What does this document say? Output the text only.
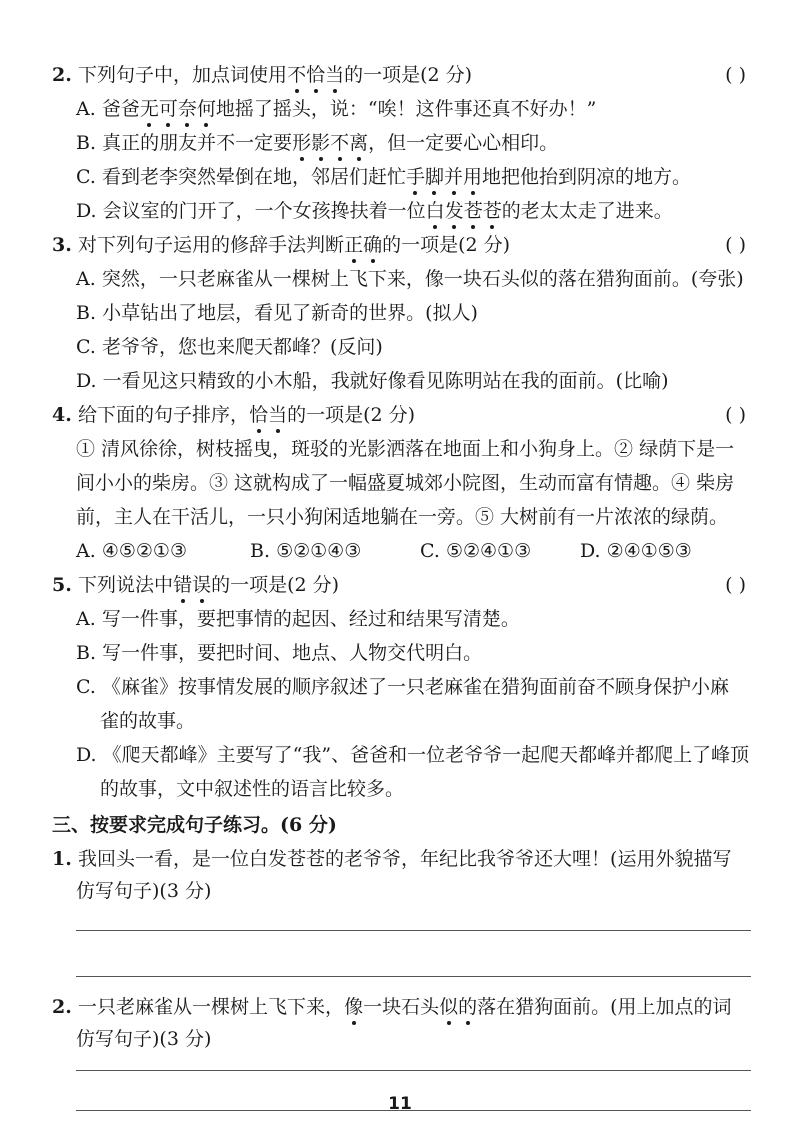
2. 下列句子中，加点词使用不恰当的一项是(2 分)	( )
A. 爸爸无可奈何地摇了摇头，说：“唉！这件事还真不好办！”
B. 真正的朋友并不一定要形影不离，但一定要心心相印。
C. 看到老李突然晕倒在地，邻居们赶忙手脚并用地把他抬到阴凉的地方。
D. 会议室的门开了，一个女孩搀扶着一位白发苍苍的老太太走了进来。
3. 对下列句子运用的修辞手法判断正确的一项是(2 分)	( )
A. 突然，一只老麻雀从一棵树上飞下来，像一块石头似的落在猎狗面前。(夸张)
B. 小草钻出了地层，看见了新奇的世界。(拟人)
C. 老爷爷，您也来爬天都峰？(反问)
D. 一看见这只精致的小木船，我就好像看见陈明站在我的面前。(比喻)
4. 给下面的句子排序，恰当的一项是(2 分)	( )
① 清风徐徐，树枝摇曳，斑驳的光影洒落在地面上和小狗身上。② 绿荫下是一
间小小的柴房。③ 这就构成了一幅盛夏城郊小院图，生动而富有情趣。④ 柴房
前，主人在干活儿，一只小狗闲适地躺在一旁。⑤ 大树前有一片浓浓的绿荫。
A. ④⑤②①③	B. ⑤②①④③	C. ⑤②④①③	D. ②④①⑤③
5. 下列说法中错误的一项是(2 分)	( )
A. 写一件事，要把事情的起因、经过和结果写清楚。
B. 写一件事，要把时间、地点、人物交代明白。
C. 《麻雀》按事情发展的顺序叙述了一只老麻雀在猎狗面前奋不顾身保护小麻
雀的故事。
D. 《爬天都峰》主要写了“我”、爸爸和一位老爷爷一起爬天都峰并都爬上了峰顶
的故事，文中叙述性的语言比较多。
三、按要求完成句子练习。(6 分)
1. 我回头一看，是一位白发苍苍的老爷爷，年纪比我爷爷还大哩！(运用外貌描写
仿写句子)(3 分)
2. 一只老麻雀从一棵树上飞下来，像一块石头似的落在猎狗面前。(用上加点的词
仿写句子)(3 分)
11
